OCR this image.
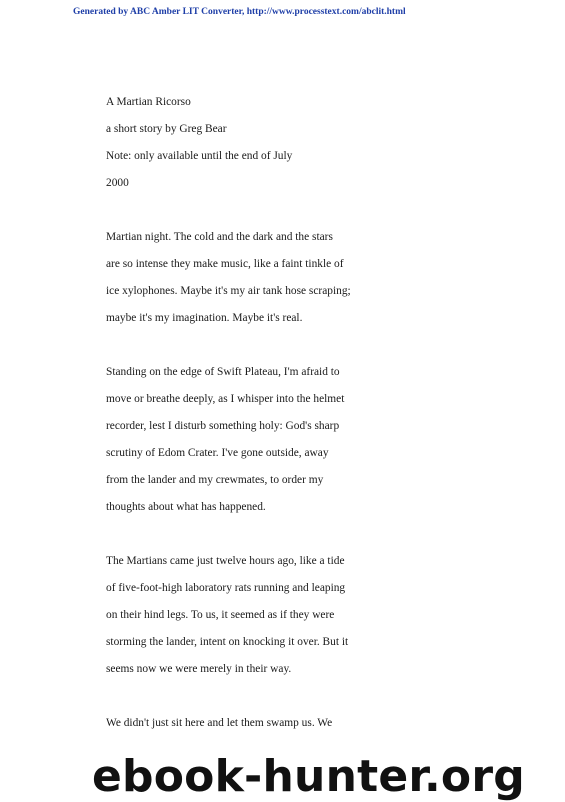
Generated by ABC Amber LIT Converter, http://www.processtext.com/abclit.html
A Martian Ricorso
a short story by Greg Bear
Note: only available until the end of July
2000
Martian night. The cold and the dark and the stars
are so intense they make music, like a faint tinkle of
ice xylophones. Maybe it's my air tank hose scraping;
maybe it's my imagination. Maybe it's real.
Standing on the edge of Swift Plateau, I'm afraid to
move or breathe deeply, as I whisper into the helmet
recorder, lest I disturb something holy: God's sharp
scrutiny of Edom Crater. I've gone outside, away
from the lander and my crewmates, to order my
thoughts about what has happened.
The Martians came just twelve hours ago, like a tide
of five-foot-high laboratory rats running and leaping
on their hind legs. To us, it seemed as if they were
storming the lander, intent on knocking it over. But it
seems now we were merely in their way.
We didn't just sit here and let them swamp us. We
ebook-hunter.org
